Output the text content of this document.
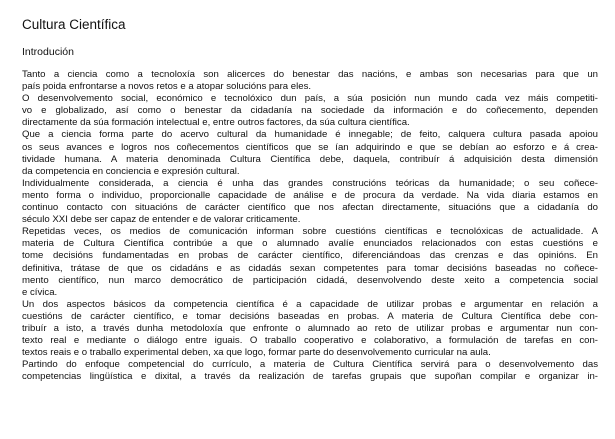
Cultura Científica
Introdución
Tanto a ciencia como a tecnoloxía son alicerces do benestar das nacións, e ambas son necesarias para que un
país poida enfrontarse a novos retos e a atopar solucións para eles.
O desenvolvemento social, económico e tecnolóxico dun país, a súa posición nun mundo cada vez máis competiti-
vo e globalizado, así como o benestar da cidadanía na sociedade da información e do coñecemento, dependen
directamente da súa formación intelectual e, entre outros factores, da súa cultura científica.
Que a ciencia forma parte do acervo cultural da humanidade é innegable; de feito, calquera cultura pasada apoiou
os seus avances e logros nos coñecementos científicos que se ían adquirindo e que se debían ao esforzo e á crea-
tividade humana. A materia denominada Cultura Científica debe, daquela, contribuír á adquisición desta dimensión
da competencia en conciencia e expresión cultural.
Individualmente considerada, a ciencia é unha das grandes construcións teóricas da humanidade; o seu coñece-
mento forma o individuo, proporcionalle capacidade de análise e de procura da verdade. Na vida diaria estamos en
continuo contacto con situacións de carácter científico que nos afectan directamente, situacións que a cidadanía do
século XXI debe ser capaz de entender e de valorar criticamente.
Repetidas veces, os medios de comunicación informan sobre cuestións científicas e tecnolóxicas de actualidade. A
materia de Cultura Científica contribúe a que o alumnado avalíe enunciados relacionados con estas cuestións e
tome decisións fundamentadas en probas de carácter científico, diferenciándoas das crenzas e das opinións. En
definitiva, trátase de que os cidadáns e as cidadás sexan competentes para tomar decisións baseadas no coñece-
mento científico, nun marco democrático de participación cidadá, desenvolvendo deste xeito a competencia social
e cívica.
Un dos aspectos básicos da competencia científica é a capacidade de utilizar probas e argumentar en relación a
cuestións de carácter científico, e tomar decisións baseadas en probas. A materia de Cultura Científica debe con-
tribuír a isto, a través dunha metodoloxía que enfronte o alumnado ao reto de utilizar probas e argumentar nun con-
texto real e mediante o diálogo entre iguais. O traballo cooperativo e colaborativo, a formulación de tarefas en con-
textos reais e o traballo experimental deben, xa que logo, formar parte do desenvolvemento curricular na aula.
Partindo do enfoque competencial do currículo, a materia de Cultura Científica servirá para o desenvolvemento das
competencias lingüística e dixital, a través da realización de tarefas grupais que supoñan compilar e organizar in-
